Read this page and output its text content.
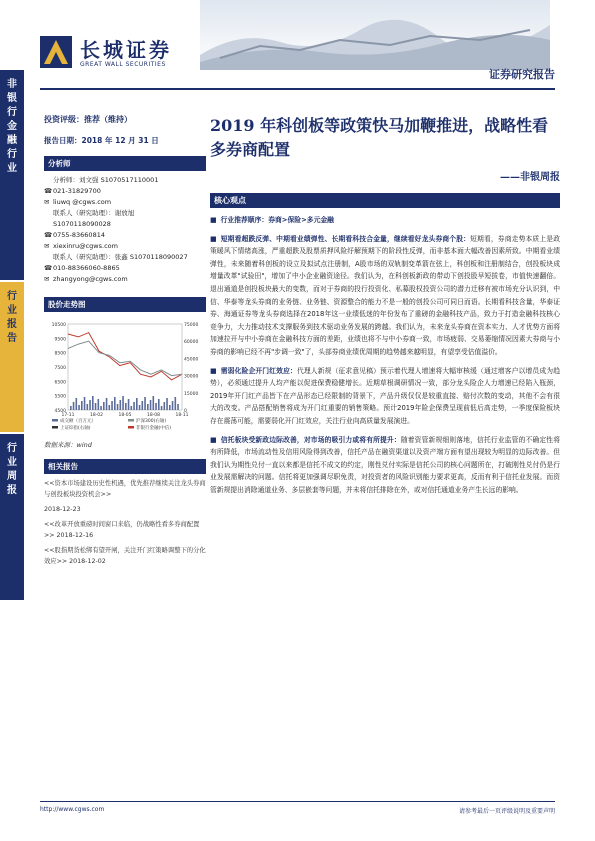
长城证券
GREAT WALL SECURITIES
证券研究报告
非
银
行
金
融
行
业
行
业
报
告
行
业
周
报
投资评级：推荐（维持）
报告日期：2018 年 12 月 31 日
分析师
分析师：刘文强 S1070517110001
☎021-31829700
✉ liuwq @cgws.com
联系人（研究助理）：谢放旭
S1070118090028
☎0755-83660814
✉ xiexinru@cgws.com
联系人（研究助理）：张鑫 S1070118090027
☎010-88366060-8865
✉ zhangyong@cgws.com
股价走势图
10500
9500
8500
7500
6500
5500
4500
75000
60000
45000
30000
15000
0
17-11	18-02	18-05	18-08	18-11
成交额（百万元）	沪深300(右轴)
上证综指(右轴)	非银行金融(中信)
数据来源：wind
相关报告
<<资本市场建设历史性机遇，优先推荐继续关注龙头券商与创投板块投资机会>>
2018-12-23
<<改革开放重磅时间窗口来临，仍战略性看多券商配置>> 2018-12-16
<<股指期货松绑有望开闸，关注开门红策略调整下的分化效应>> 2018-12-02
2019 年科创板等政策快马加鞭推进，战略性看多券商配置
——非银周报
核心观点
■ 行业推荐顺序：券商>保险>多元金融
■ 短期看超跌反弹、中期看业绩弹性、长期看科技合金量，继续看好龙头券商个股：短期看，券商走势本质上是政策暖风下情绪高涨，严重超跌及股票质押风险纾解预期下的阶段性反弹，而非基本面大幅改善因素所致。中期看业绩弹性，未来随着科创板的设立及拟试点注册制，A股市场的双轨制变革箭在弦上，科创板和注册制结合，创投板块成增量改革"试验田"，增加了中小企业融资途径。我们认为，在科创板新政的带动下创投股早短拔卷，市值快速翻倍。退出通道是创投板块最大的变数，而对于券商的投行投资化、私募股权投资公司的潜力迁移有被市场充分认识到，中信、华泰等龙头券商的业务链、业务链、资源整合的能力不是一般的创投公司可同日而语。长期看科技含量，华泰证券、海通证券等龙头券商选择在2018年这一业绩低迷的年份发布了重磅的金融科技产品，致力于打造金融科技核心竞争力，大力推动技术支撑服务到技术驱动业务发展的跨越。我们认为，未来龙头券商在资本实力、人才优势方面将加速拉开与中小券商在金融科技方面的差距，业绩也将不与中小券商一致，市场疲弱、交易萎缩情况因素大券商与小券商的影响已经不再"步调一致"了，头部券商业绩优周期的趋势越来越明显，有望享受估值溢价。
■ 需弱化险企开门红效应：代理人新规（征求意见稿）预示着代理人增速将大幅审核缓（通过增客户以增员成为趋势），必须通过提升人均产能以促进保费稳健增长。近期草根调研情况一致，部分龙头险企人力增速已经陷入瓶颈，2019年开门红产品皆下在产品形态已经限制的背景下，产品升级仅仅是较重直接、赔付次数的变动，其他不会有很大的改变。产品搭配销售将成为开门红重要的销售策略。预计2019年险企保费呈现前低后高走势，一季度保险板块存在震荡可能，需要弱化开门红效应，关注行业向高质量发展演进。
■ 信托板块受新政边际改善，对市场的吸引力或将有所提升：随着资管新规细则落地，信托行业监管的不确定性将有所降低，市场流动性及信用风险得到改善，信托产品在融资渠道以及资产端方面有望出现较为明显的边际改善。但我们认为期性兑付一直以来都是信托不成文的约定，刚性兑付实际是信托公司的核心问题所在，打破刚性兑付仍是行业发展需解决的问题。信托将更加强调尽职免责，对投资者的风险识别能力要求更高，反而有利于信托业发展。而资管新规提出消除通道业务、多层嵌套等问题，并未将信托排除在外，或对信托通道业务产生长远的影响。
http://www.cgws.com	请参考最后一页评级说明及重要声明
